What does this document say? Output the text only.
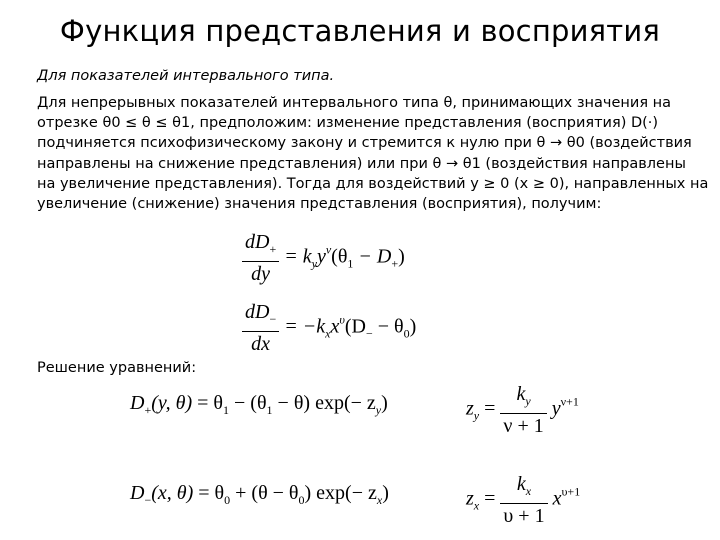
Функция представления и восприятия
Для показателей интервального типа.
Для непрерывных показателей интервального типа θ, принимающих значения на
отрезке θ0 ≤ θ ≤ θ1, предположим: изменение представления (восприятия) D(·)
подчиняется психофизическому закону и стремится к нулю при θ → θ0 (воздействия
направлены на снижение представления) или при θ → θ1 (воздействия направлены
на увеличение представления). Тогда для воздействий y ≥ 0 (x ≥ 0), направленных на
увеличение (снижение) значения представления (восприятия), получим:
$\frac{dD_+}{dy} = k_yy^\nu(\theta_1 - D_+)$
$\frac{dD_-}{dx} = -k_xx^\upsilon(D_- - \theta_0)$
Решение уравнений:
$D_+(y$, $\theta) = \theta_1 - (\theta_1 - \theta)$ $\exp(- z_y)$	$z_y = \frac{k_y}{\nu + 1} y^{\nu+1}$
$D_-(x$, $\theta) = \theta_0 + (\theta - \theta_0)$ $\exp(- z_x)$	$z_x = \frac{k_x}{\upsilon + 1} x^{\upsilon+1}$
